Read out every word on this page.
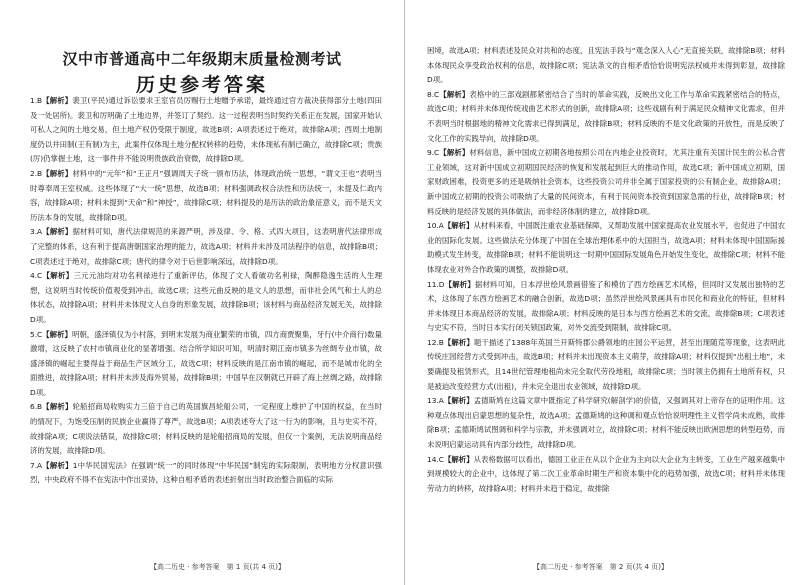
汉中市普通高中二年级期末质量检测考试
历史参考答案

1.B【解析】裴卫(平民)通过诉讼要求王室官员厉赐行土地赠予承诺，最终通过官方裁决获得部分土地(四田及一处居所)。裴卫和厉明确了土地边界，并签订了契约。这一过程表明当时契约关系正在发展，国家开始认可私人之间的土地交易，但土地产权仍受限于制度，故选B项；A项表述过于绝对，故排除A项；西周土地制度仍以井田制(王有制)为主，此案件仅体现土地分配权转移的趋势，未体现私有制已确立，故排除C项；贵族(厉)仍掌握土地，这一事件并不能说明贵族政治衰微，故排除D项。

2.B【解析】材料中的“元年”和“王正月”强调周天子统一颁布历法，体现政治统一思想，“谓文王也”表明当时尊奉周王室权威。这些体现了“大一统”思想，故选B项；材料强调政权合法性和历法统一，未提及仁政内容，故排除A项；材料未提到“天命”和“神授”，故排除C项；材料提及的是历法的政治象征意义，而不是天文历法本身的发展，故排除D项。

3.A【解析】据材料可知，唐代法律规范的来源严明，涉及律、令、格、式四大项目，这表明唐代法律形成了完整的体系，这有利于提高唐朝国家治理的能力，故选A项；材料并未涉及司法程序的信息，故排除B项；C项表述过于绝对，故排除C项；唐代的律令对于后世影响深远，故排除D项。

4.C【解析】三元元油均对功名利禄进行了重新评估，体现了文人看破功名利禄，陶醉隐逸生活的人生理想，这说明当时传统价值观受到冲击，故选C项；这些元曲反映的是文人的思想，而非社会风气和士人的总体状态，故排除A项；材料并未体现文人自身的形象发展，故排除B项；该材料与商品经济发展无关，故排除D项。

5.C【解析】明朝，盛泽镇仅为小村落，到明末发展为商业繁荣的市镇，四方商贾聚集，牙行(中介商行)数量激增，这反映了农村市镇商业化的显著增强。结合所学知识可知，明清时期江南市镇多为丝绸专业市镇，故盛泽镇的崛起主要得益于商品生产区域分工，故选C项；材料反映的是江南市镇的崛起，而不是城市化的全面推进，故排除A项；材料并未涉及海外贸易，故排除B项；中国早在汉朝就已开辟了海上丝绸之路，故排除D项。

6.B【解析】轮船招商局收购实力三倍于自己的英国旗昌轮船公司，一定程度上维护了中国的权益，在当时的情况下，为饱受压制的民族企业赢得了尊严，故选B项；A项表述夸大了这一行为的影响，且与史实不符，故排除A项；C项说法错误，故排除C项；材料反映的是轮船招商局的发展，但仅一个案例，无法说明商品经济的发展，故排除D项。

7.A【解析】1中华民国宪法》在强调“统一”的同时体现“中华民国”制宪的实际限制，表明地方分权意识强烈，中央政府不得不在宪法中作出妥协，这种自相矛盾的表述折射出当时政治整合面临的实际

【高二历史 · 参考答案　第 1 页(共 4 页)】

困境，故选A项；材料表述及民众对共和的态度，且宪法手段与“观念深入人心”无直接关联，故排除B项；材料本体现民众享受政治权利的信息，故排除C项；宪法条文的自相矛盾恰恰说明宪法权威并未得到彰显，故排除D项。

8.C【解析】表格中的三部戏剧都紧密结合了当时的革命实践，反映出文化工作与革命实践紧密结合的特点，故选C项；材料并未体现传统戏曲艺术形式的创新，故排除A项；这些戏剧有利于满足民众精神文化需求，但并不表明当时根据地的精神文化需求已得到满足，故排除B项；材料反映的不是文化政策的开放性，而是反映了文化工作的实践导向，故排除D项。

9.C【解析】材料信息，新中国成立初期各地按照公司在内地企业投资时，尤其注重有关国计民生的公私合营工业领域，这对新中国成立初期国民经济的恢复和发展起到巨大的推动作用，故选C项；新中国成立初期，国家财政困难，投资更多的还是吸纳社会资本，这些投资公司并非全属于国家投资的公有制企业，故排除A项；新中国成立初期的投资公司吸纳了大量的民间资本，有利于民间资本投资到国家急需的行业，故排除B项；材料反映的是经济发展的具体做法，而非经济体制的建立，故排除D项。

10.A【解析】从材料来看，中国既注重农业基础保障，又帮助发展中国家提高农业发展水平，也促进了中国农业的国际化发展。这些做法充分体现了中国在全球治理体系中的大国担当，故选A项；材料未体现中国国际援助模式发生转变，故排除B项；材料不能说明这一时期中国国际发展角色开始发生变化，故排除C项；材料不能体现农业对外合作政策的调整，故排除D项。

11.D【解析】据材料可知，日本浮世绘风景画借鉴了和模仿了西方绘画艺术风格，但同时又发展出独特的艺术，这体现了东西方绘画艺术的融合创新，故选D项；虽然浮世绘风景画具有市民化和商业化的特征，但材料并未体现日本商品经济的发展，故排除A项；材料反映的是日本与西方绘画艺术的交流，故排除B项；C项表述与史实不符，当时日本实行闭关锁国政策，对外交流受到限制，故排除C项。

12.B【解析】题干描述了1388年英国兰开斯特郡公爵领地的庄园公平运营，甚至出现随荒等现象，这表明此传统庄园经营方式受到冲击，故选B项；材料并未出现资本主义萌芽，故排除A项；材料仅提到“出租土地”，未要确提及租赁形式，且14世纪管理地租尚未完全取代劳役地租，故排除C项；当时领主仍拥有土地所有权，只是被迫改变经营方式(出租)，并未完全退出农业领域，故排除D项。

13.A【解析】孟德斯鸠在这篇文章中既指定了科学研究(解剖学)的价值，又强调其对上帝存在的证明作用。这种观点体现出启蒙思想的复杂性，故选A项；孟德斯鸠的这种调和观点恰恰说明理性主义哲学尚未成熟，故排除B项；孟德斯鸠试图调和科学与宗教，并未强调对立，故排除C项；材料不能反映出欧洲思想的转型趋势，而未说明启蒙运动具有内部分歧性，故排除D项。

14.C【解析】从表格数据可以看出，德国工业正在从以个企业为主向以大企业为主转变，工业生产越来越集中到规模较大的企业中，这体现了第二次工业革命时期生产和资本集中化的趋势加强，故选C项；材料并未体现劳动力的转移，故排除A项；材料并未趋于稳定，故排除

【高二历史 · 参考答案　第 2 页(共 4 页)】
